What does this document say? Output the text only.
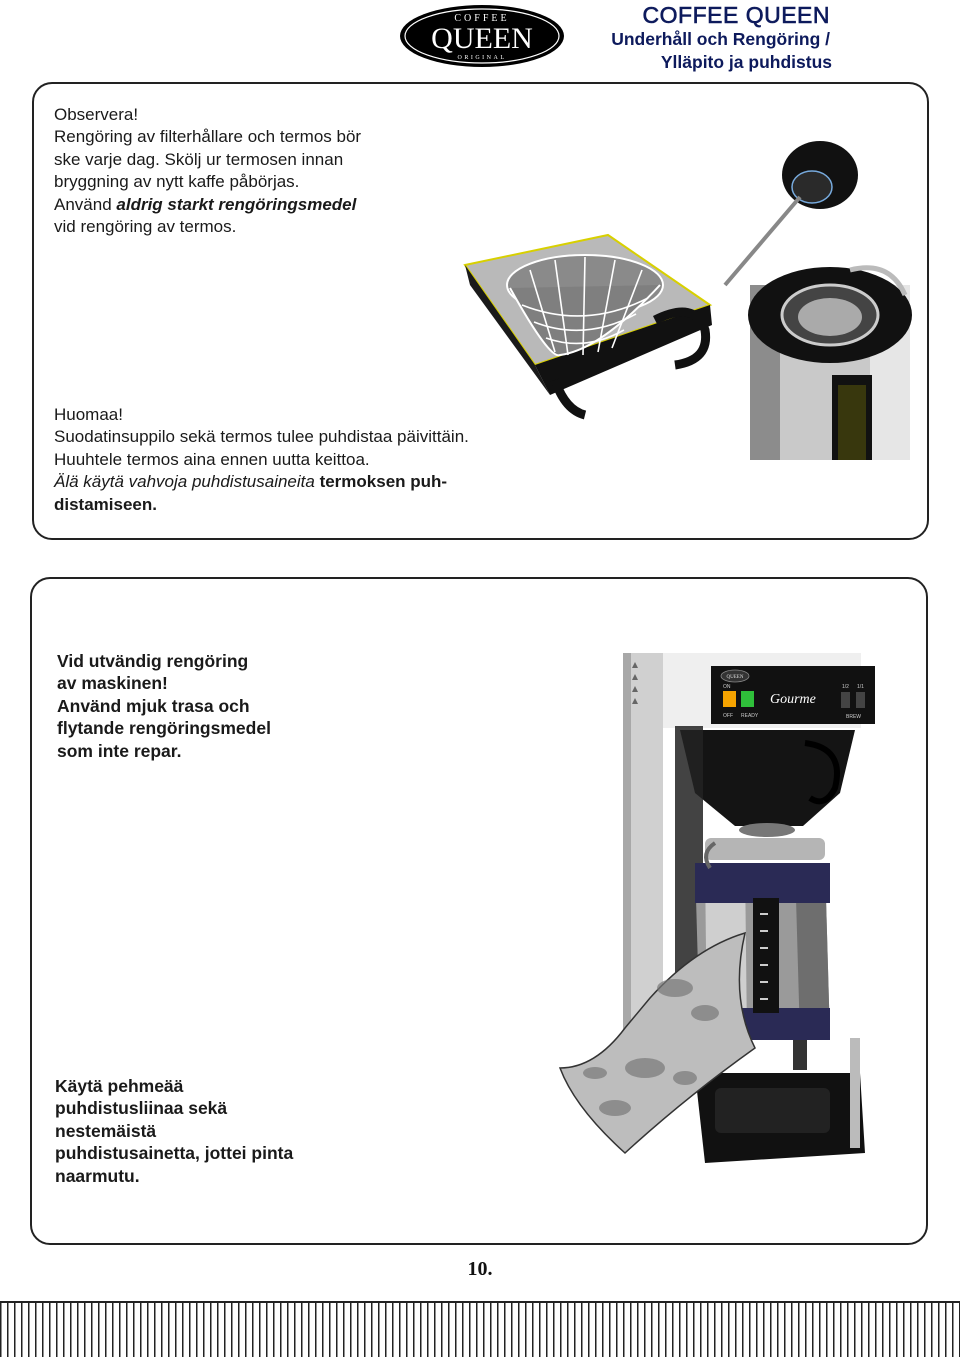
COFFEE
QUEEN
ORIGINAL
COFFEE QUEEN
Underhåll och Rengöring /
Ylläpito ja puhdistus
Observera!
Rengöring av filterhållare och termos bör
ske varje dag. Skölj ur termosen innan
bryggning av nytt kaffe påbörjas.
Använd aldrig starkt rengöringsmedel
vid rengöring av termos.
Huomaa!
Suodatinsuppilo sekä termos tulee puhdistaa päivittäin.
Huuhtele termos aina ennen uutta keittoa.
Älä käytä vahvoja puhdistusaineita termoksen puh-
distamiseen.
Vid utvändig rengöring
av maskinen!
Använd mjuk trasa och
flytande rengöringsmedel
som inte repar.
QUEEN
ON
OFF READY
Gourme
1/2 1/1
BREW
Käytä pehmeää
puhdistusliinaa sekä
nestemäistä
puhdistusainetta, jottei pinta
naarmutu.
10.
